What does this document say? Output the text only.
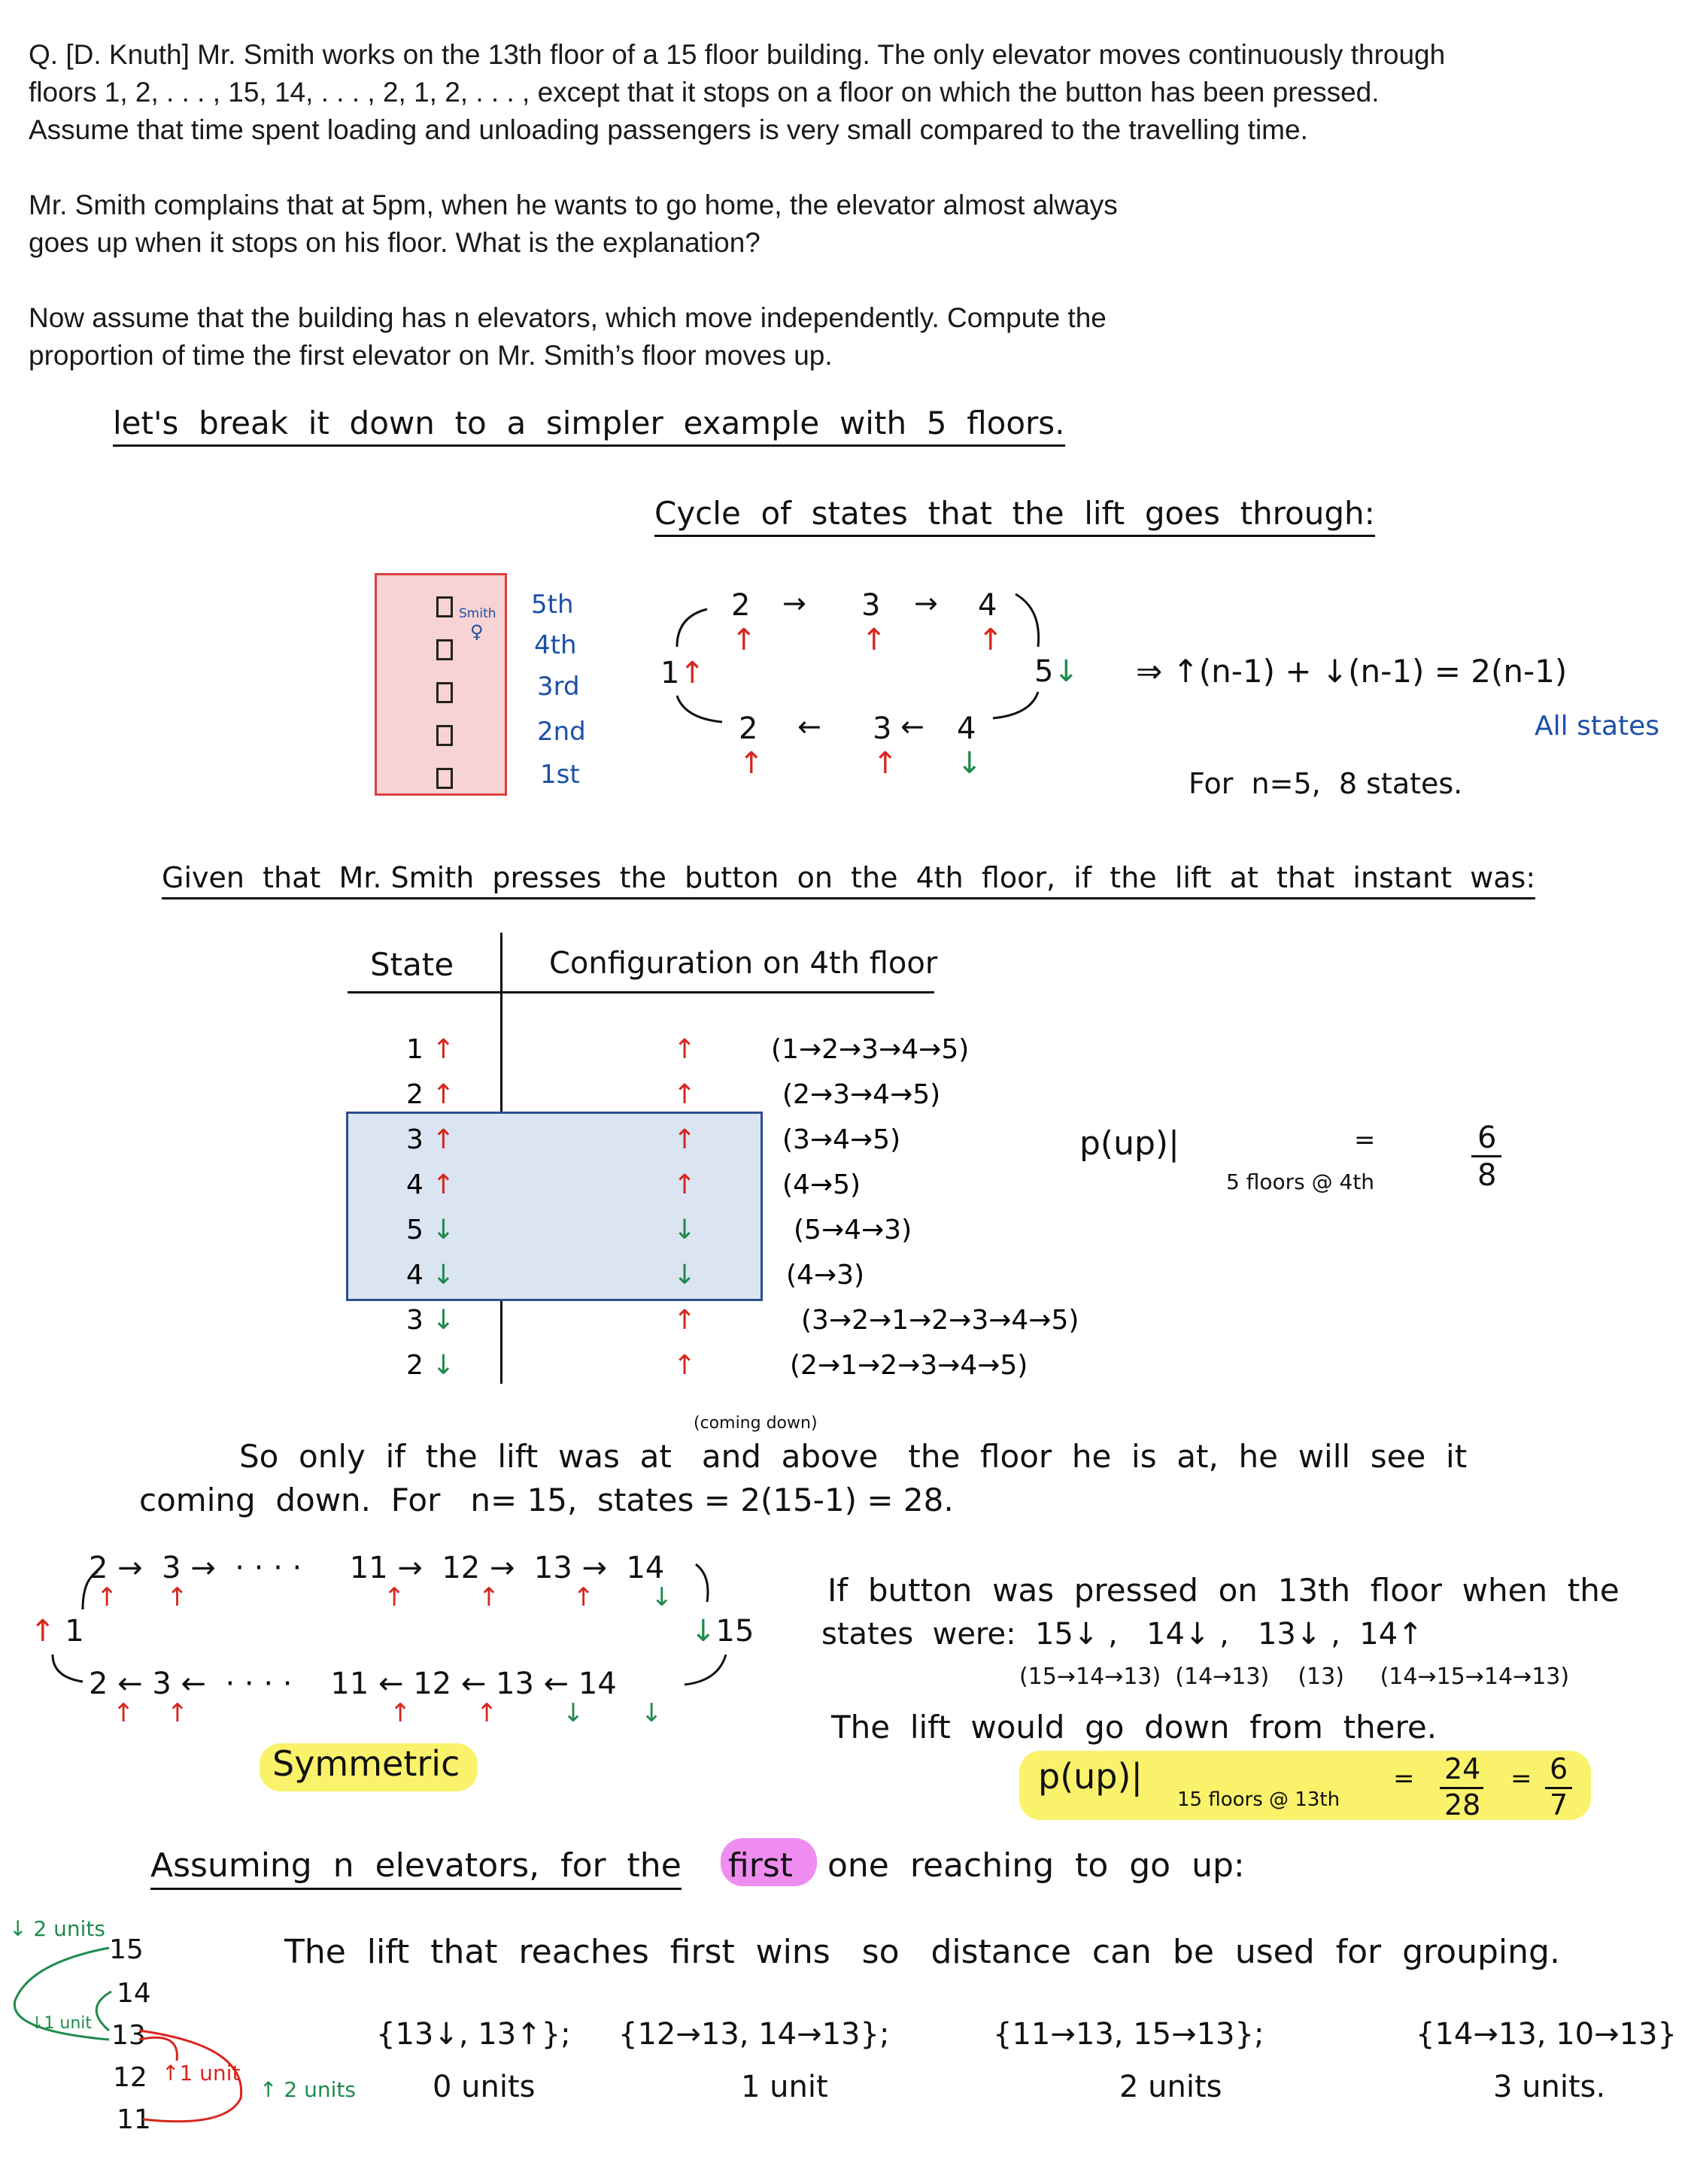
Q. [D. Knuth] Mr. Smith works on the 13th floor of a 15 floor building. The only elevator moves continuously through
floors 1, 2, . . . , 15, 14, . . . , 2, 1, 2, . . . , except that it stops on a floor on which the button has been pressed.
Assume that time spent loading and unloading passengers is very small compared to the travelling time.
Mr. Smith complains that at 5pm, when he wants to go home, the elevator almost always
goes up when it stops on his floor. What is the explanation?
Now assume that the building has n elevators, which move independently. Compute the
proportion of time the first elevator on Mr. Smith’s floor moves up.
let's  break  it  down  to  a  simpler  example  with  5  floors.
Cycle  of  states  that  the  lift  goes  through:
Smith
♀
5th
4th
3rd
2nd
1st
1↑
2
↑
→ 3
↑
→ 4
↑
5↓
2
↑
← 3
↑
← 4
↓
⇒ ↑(n-1) + ↓(n-1) = 2(n-1)
All states
For  n=5,  8 states.
Given  that  Mr. Smith  presses  the  button  on  the  4th  floor,  if  the  lift  at  that  instant  was:
State	Configuration on 4th floor
1 ↑	↑	(1→2→3→4→5)
2 ↑	↑	(2→3→4→5)
3 ↑	↑	(3→4→5)
4 ↑	↑	(4→5)
5 ↓	↓	(5→4→3)
4 ↓	↓	(4→3)
3 ↓	↑	(3→2→1→2→3→4→5)
2 ↓	↑	(2→1→2→3→4→5)
p(up)|
5 floors @ 4th
=	6
8
(coming down)
So  only  if  the  lift  was  at   and  above   the  floor  he  is  at,  he  will  see  it
coming  down.  For   n= 15,  states = 2(15-1) = 28.
2 →  3 →  · · · ·     11 →  12 →  13 →  14
↑      ↑	↑         ↑         ↑ ↓
↑ 1	↓15
2 ← 3 ←  · · · ·    11 ← 12 ← 13 ← 14
↑    ↑	↑        ↑	↓       ↓
Symmetric
If  button  was  pressed  on  13th  floor  when  the
states  were:  15↓ ,   14↓ ,   13↓ ,  14↑
(15→14→13)  (14→13)    (13)     (14→15→14→13)
The  lift  would  go  down  from  there.
p(up)|
15 floors @ 13th
= 24
28
= 6
7
Assuming  n  elevators,  for  the first one  reaching  to  go  up:
↓ 2 units
15
14
13
12
11
↓1 unit
↑1 unit
↑ 2 units
The  lift  that  reaches  first  wins   so   distance  can  be  used  for  grouping.
{13↓, 13↑};
0 units
{12→13, 14→13};
1 unit
{11→13, 15→13};
2 units
{14→13, 10→13}
3 units.
